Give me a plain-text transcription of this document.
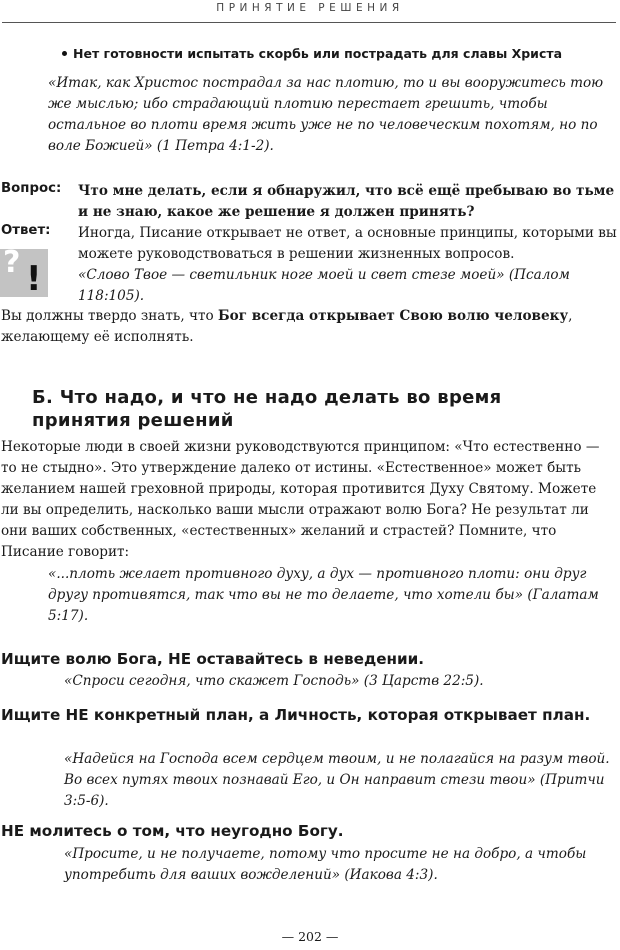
ПРИНЯТИЕ РЕШЕНИЯ
Нет готовности испытать скорбь или пострадать для славы Христа
«Итак, как Христос пострадал за нас плотию, то и вы вооружитесь тою же мыслью; ибо страдающий плотию перестает грешить, чтобы остальное во плоти время жить уже не по человеческим похотям, но по воле Божией» (1 Петра 4:1-2).
Вопрос: Что мне делать, если я обнаружил, что всё ещё пребываю во тьме и не знаю, какое же решение я должен принять?
Ответ: Иногда, Писание открывает не ответ, а основные принципы, которыми вы можете руководствоваться в решении жизненных вопросов.
«Слово Твое — светильник ноге моей и свет стезе моей» (Псалом 118:105).
? !
Вы должны твердо знать, что Бог всегда открывает Свою волю человеку, желающему её исполнять.
Б. Что надо, и что не надо делать во время принятия решений
Некоторые люди в своей жизни руководствуются принципом: «Что естественно — то не стыдно». Это утверждение далеко от истины. «Естественное» может быть желанием нашей греховной природы, которая противится Духу Святому. Можете ли вы определить, насколько ваши мысли отражают волю Бога? Не результат ли они ваших собственных, «естественных» желаний и страстей? Помните, что Писание говорит:
«...плоть желает противного духу, а дух — противного плоти: они друг другу противятся, так что вы не то делаете, что хотели бы» (Галатам 5:17).
Ищите волю Бога, НЕ оставайтесь в неведении.
«Спроси сегодня, что скажет Господь» (3 Царств 22:5).
Ищите НЕ конкретный план, а Личность, которая открывает план.
«Надейся на Господа всем сердцем твоим, и не полагайся на разум твой. Во всех путях твоих познавай Его, и Он направит стези твои» (Притчи 3:5-6).
НЕ молитесь о том, что неугодно Богу.
«Просите, и не получаете, потому что просите не на добро, а чтобы употребить для ваших вожделений» (Иакова 4:3).
— 202 —
